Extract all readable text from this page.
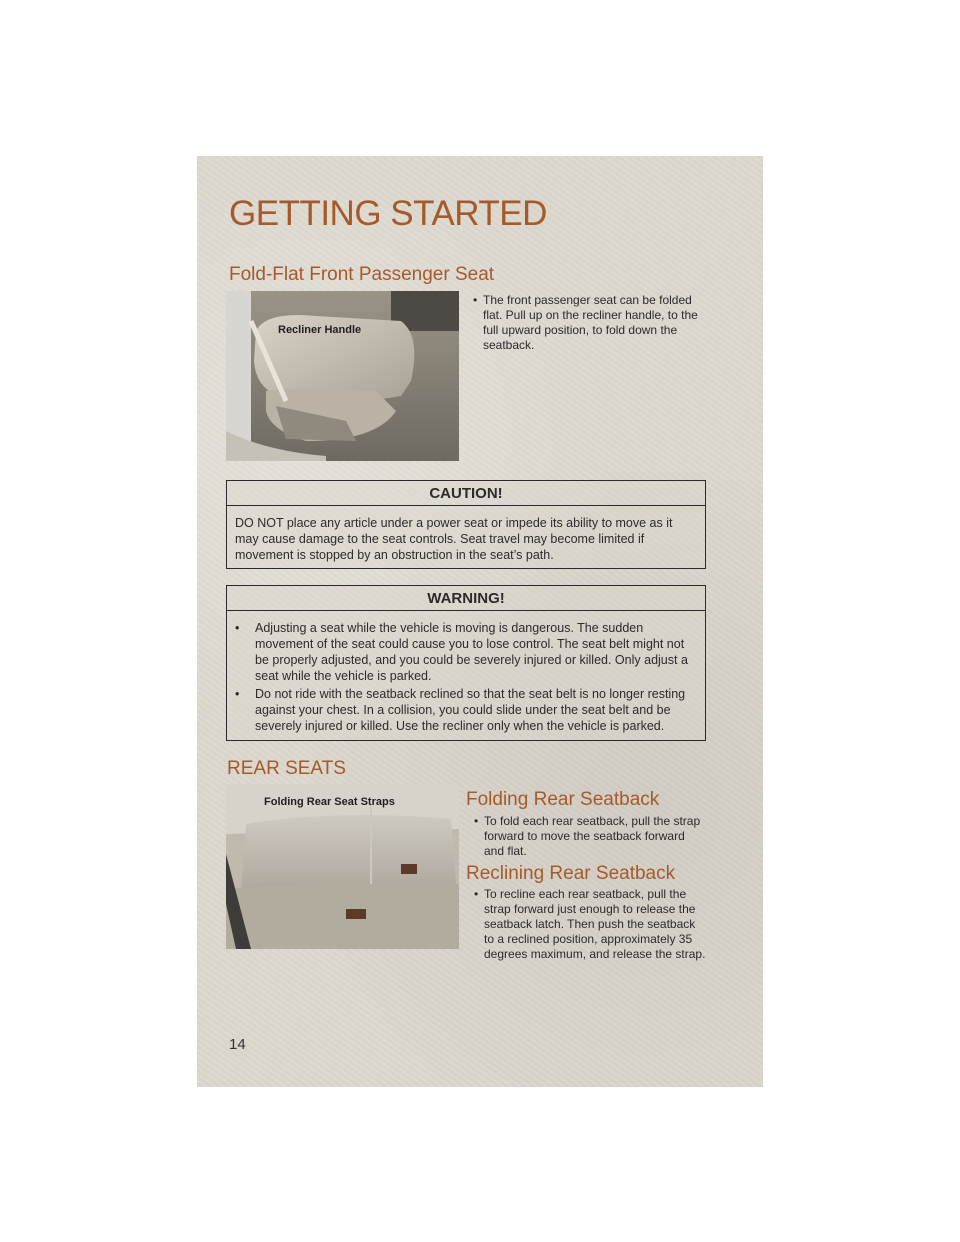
GETTING STARTED
Fold-Flat Front Passenger Seat
Recliner Handle
• The front passenger seat can be folded flat. Pull up on the recliner handle, to the full upward position, to fold down the seatback.
CAUTION!
DO NOT place any article under a power seat or impede its ability to move as it may cause damage to the seat controls. Seat travel may become limited if movement is stopped by an obstruction in the seat’s path.
WARNING!
• Adjusting a seat while the vehicle is moving is dangerous. The sudden movement of the seat could cause you to lose control. The seat belt might not be properly adjusted, and you could be severely injured or killed. Only adjust a seat while the vehicle is parked.
• Do not ride with the seatback reclined so that the seat belt is no longer resting against your chest. In a collision, you could slide under the seat belt and be severely injured or killed. Use the recliner only when the vehicle is parked.
REAR SEATS
Folding Rear Seat Straps	Folding Rear Seatback
• To fold each rear seatback, pull the strap forward to move the seatback forward and flat.
Reclining Rear Seatback
• To recline each rear seatback, pull the strap forward just enough to release the seatback latch. Then push the seatback to a reclined position, approximately 35 degrees maximum, and release the strap.
14
